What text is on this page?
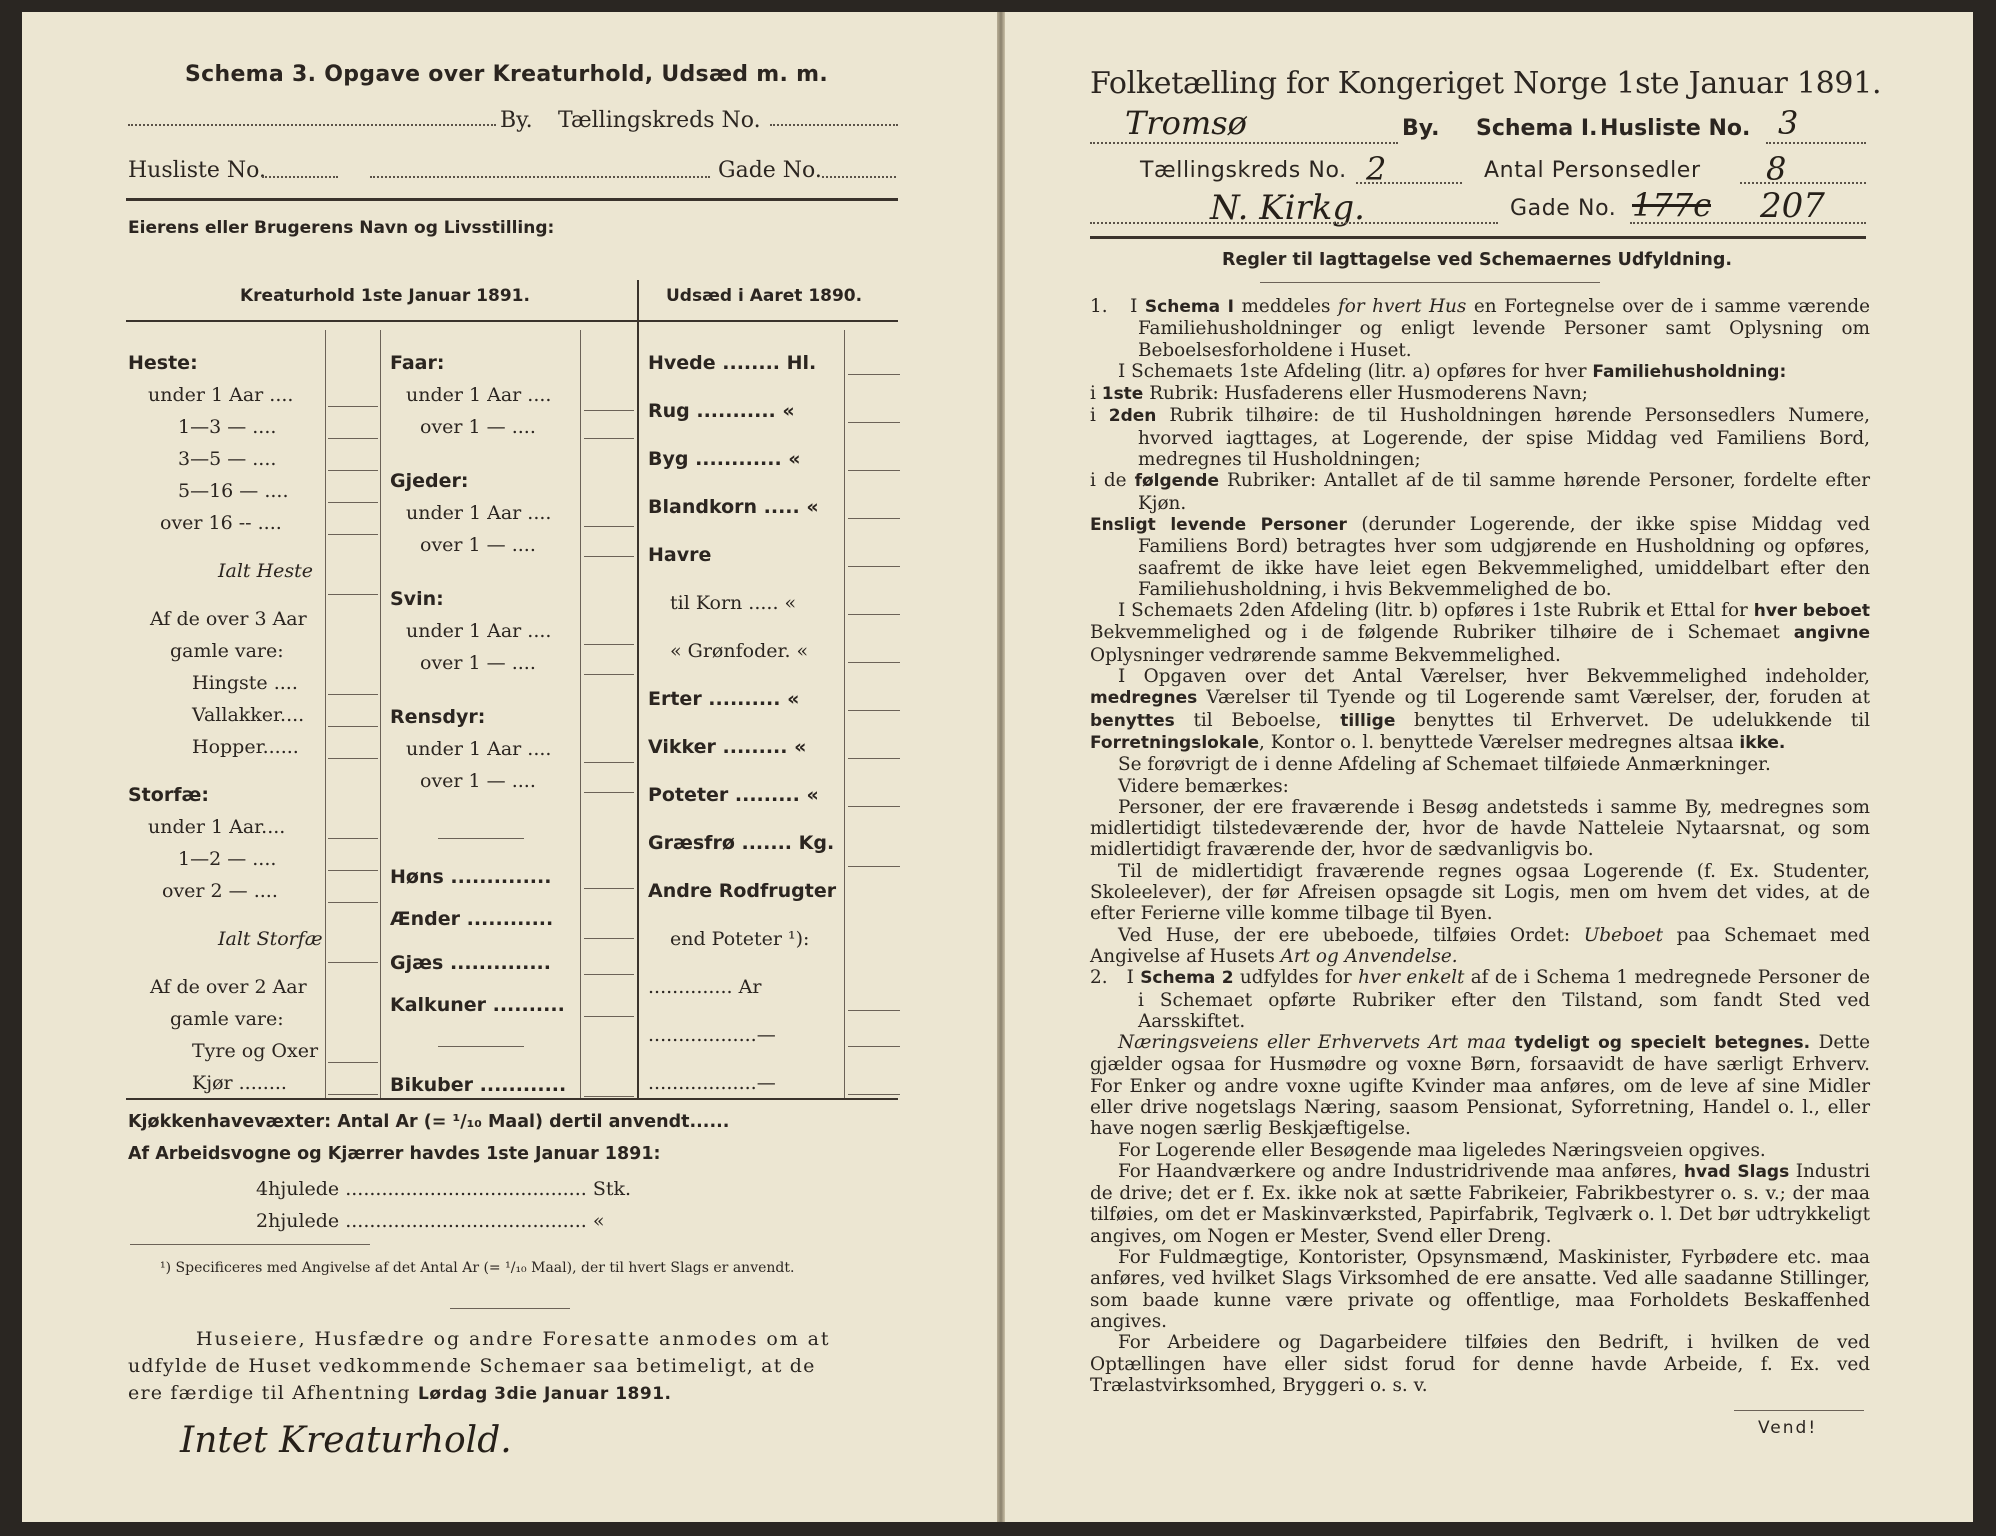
Schema 3. Opgave over Kreaturhold, Udsæd m. m.
By. Tællingskreds No.
Husliste No.	Gade No.
Eierens eller Brugerens Navn og Livsstilling:
Kreaturhold 1ste Januar 1891.	Udsæd i Aaret 1890.
Heste:
under 1 Aar ....
1—3 — ....
3—5 — ....
5—16 — ....
over 16 -- ....
Ialt Heste
Af de over 3 Aar
gamle vare:
Hingste ....
Vallakker....
Hopper......
Storfæ:
under 1 Aar....
1—2 — ....
over 2 — ....
Ialt Storfæ
Af de over 2 Aar
gamle vare:
Tyre og Oxer
Kjør ........
Faar:
under 1 Aar ....
over 1 — ....
Gjeder:
under 1 Aar ....
over 1 — ....
Svin:
under 1 Aar ....
over 1 — ....
Rensdyr:
under 1 Aar ....
over 1 — ....
Høns ..............
Ænder ............
Gjæs ..............
Kalkuner ..........
Bikuber ............
Hvede ........ Hl.
Rug ........... «
Byg ............ «
Blandkorn ..... «
Havre
til Korn ..... «
« Grønfoder. «
Erter .......... «
Vikker ......... «
Poteter ......... «
Græsfrø ....... Kg.
Andre Rodfrugter
end Poteter ¹):
.............. Ar
..................—
..................—
Kjøkkenhavevæxter: Antal Ar (= ¹/₁₀ Maal) dertil anvendt......
Af Arbeidsvogne og Kjærrer havdes 1ste Januar 1891:
4hjulede ........................................ Stk.
2hjulede ........................................ «
¹) Specificeres med Angivelse af det Antal Ar (= ¹/₁₀ Maal), der til hvert Slags er anvendt.
Huseiere, Husfædre og andre Foresatte anmodes om at
udfylde de Huset vedkommende Schemaer saa betimeligt, at de
ere færdige til Afhentning Lørdag 3die Januar 1891.
Intet Kreaturhold.
Folketælling for Kongeriget Norge 1ste Januar 1891.
Tromsø	By. Schema I. Husliste No. 3
Tællingskreds No. 2	Antal Personsedler 8
N. Kirkg.	Gade No. 177c 207
Regler til Iagttagelse ved Schemaernes Udfyldning.

1.   I Schema I meddeles for hvert Hus en Fortegnelse over de i samme værende Familiehusholdninger og enligt levende Personer samt Oplysning om Beboelsesforholdene i Huset.

I Schemaets 1ste Afdeling (litr. a) opføres for hver Familiehusholdning:

i 1ste Rubrik: Husfaderens eller Husmoderens Navn;

i 2den Rubrik tilhøire: de til Husholdningen hørende Personsedlers Numere, hvorved iagttages, at Logerende, der spise Middag ved Familiens Bord, medregnes til Husholdningen;

i de følgende Rubriker: Antallet af de til samme hørende Personer, fordelte efter Kjøn.

Ensligt levende Personer (derunder Logerende, der ikke spise Middag ved Familiens Bord) betragtes hver som udgjørende en Husholdning og opføres, saafremt de ikke have leiet egen Bekvemmelighed, umiddelbart efter den Familiehusholdning, i hvis Bekvemmelighed de bo.

I Schemaets 2den Afdeling (litr. b) opføres i 1ste Rubrik et Ettal for hver beboet Bekvemmelighed og i de følgende Rubriker tilhøire de i Schemaet angivne Oplysninger vedrørende samme Bekvemmelighed.

I Opgaven over det Antal Værelser, hver Bekvemmelighed indeholder, medregnes Værelser til Tyende og til Logerende samt Værelser, der, foruden at benyttes til Beboelse, tillige benyttes til Erhvervet. De udelukkende til Forretningslokale, Kontor o. l. benyttede Værelser medregnes altsaa ikke.

Se forøvrigt de i denne Afdeling af Schemaet tilføiede Anmærkninger.

Videre bemærkes:

Personer, der ere fraværende i Besøg andetsteds i samme By, medregnes som midlertidigt tilstedeværende der, hvor de havde Natteleie Nytaarsnat, og som midlertidigt fraværende der, hvor de sædvanligvis bo.

Til de midlertidigt fraværende regnes ogsaa Logerende (f. Ex. Studenter, Skoleelever), der før Afreisen opsagde sit Logis, men om hvem det vides, at de efter Ferierne ville komme tilbage til Byen.

Ved Huse, der ere ubeboede, tilføies Ordet: Ubeboet paa Schemaet med Angivelse af Husets Art og Anvendelse.

2.   I Schema 2 udfyldes for hver enkelt af de i Schema 1 medregnede Personer de i Schemaet opførte Rubriker efter den Tilstand, som fandt Sted ved Aarsskiftet.

Næringsveiens eller Erhvervets Art maa tydeligt og specielt betegnes. Dette gjælder ogsaa for Husmødre og voxne Børn, forsaavidt de have særligt Erhverv. For Enker og andre voxne ugifte Kvinder maa anføres, om de leve af sine Midler eller drive nogetslags Næring, saasom Pensionat, Syforretning, Handel o. l., eller have nogen særlig Beskjæftigelse.

For Logerende eller Besøgende maa ligeledes Næringsveien opgives.

For Haandværkere og andre Industridrivende maa anføres, hvad Slags Industri de drive; det er f. Ex. ikke nok at sætte Fabrikeier, Fabrikbestyrer o. s. v.; der maa tilføies, om det er Maskinværksted, Papirfabrik, Teglværk o. l. Det bør udtrykkeligt angives, om Nogen er Mester, Svend eller Dreng.

For Fuldmægtige, Kontorister, Opsynsmænd, Maskinister, Fyrbødere etc. maa anføres, ved hvilket Slags Virksomhed de ere ansatte. Ved alle saadanne Stillinger, som baade kunne være private og offentlige, maa Forholdets Beskaffenhed angives.

For Arbeidere og Dagarbeidere tilføies den Bedrift, i hvilken de ved Optællingen have eller sidst forud for denne havde Arbeide, f. Ex. ved Trælastvirksomhed, Bryggeri o. s. v.

Vend!
